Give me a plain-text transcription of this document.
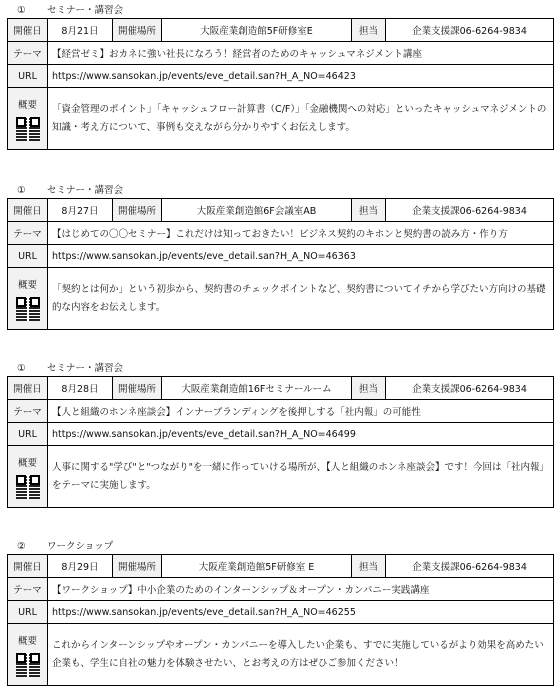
① セミナー・講習会
開催日	8月21日	開催場所	大阪産業創造館5F研修室E	担当	企業支援課06-6264-9834
テーマ	【経営ゼミ】おカネに強い社長になろう！経営者のためのキャッシュマネジメント講座				
URL	https://www.sansokan.jp/events/eve_detail.san?H_A_NO=46423				

概要	「資金管理のポイント」「キャッシュフロー計算書（C/F）」「金融機関への対応」といったキャッシュマネジメントの知識・考え方について、事例も交えながら分かりやすくお伝えします。				
① セミナー・講習会
開催日	8月27日	開催場所	大阪産業創造館6F会議室AB	担当	企業支援課06-6264-9834
テーマ	【はじめての〇〇セミナー】これだけは知っておきたい！ビジネス契約のキホンと契約書の読み方・作り方				
URL	https://www.sansokan.jp/events/eve_detail.san?H_A_NO=46363				

概要	「契約とは何か」という初歩から、契約書のチェックポイントなど、契約書についてイチから学びたい方向けの基礎的な内容をお伝えします。				
① セミナー・講習会
開催日	8月28日	開催場所	大阪産業創造館16Fセミナールーム	担当	企業支援課06-6264-9834
テーマ	【人と組織のホンネ座談会】インナーブランディングを後押しする「社内報」の可能性				
URL	https://www.sansokan.jp/events/eve_detail.san?H_A_NO=46499				

概要	人事に関する"学び"と"つながり"を一緒に作っていける場所が、【人と組織のホンネ座談会】です！今回は「社内報」をテーマに実施します。				
② ワークショップ
開催日	8月29日	開催場所	大阪産業創造館5F研修室 E	担当	企業支援課06-6264-9834
テーマ	【ワークショップ】中小企業のためのインターンシップ＆オープン・カンパニー実践講座				
URL	https://www.sansokan.jp/events/eve_detail.san?H_A_NO=46255				

概要	これからインターンシップやオープン・カンパニーを導入したい企業も、すでに実施しているがより効果を高めたい企業も、学生に自社の魅力を体験させたい、とお考えの方はぜひご参加ください！				
